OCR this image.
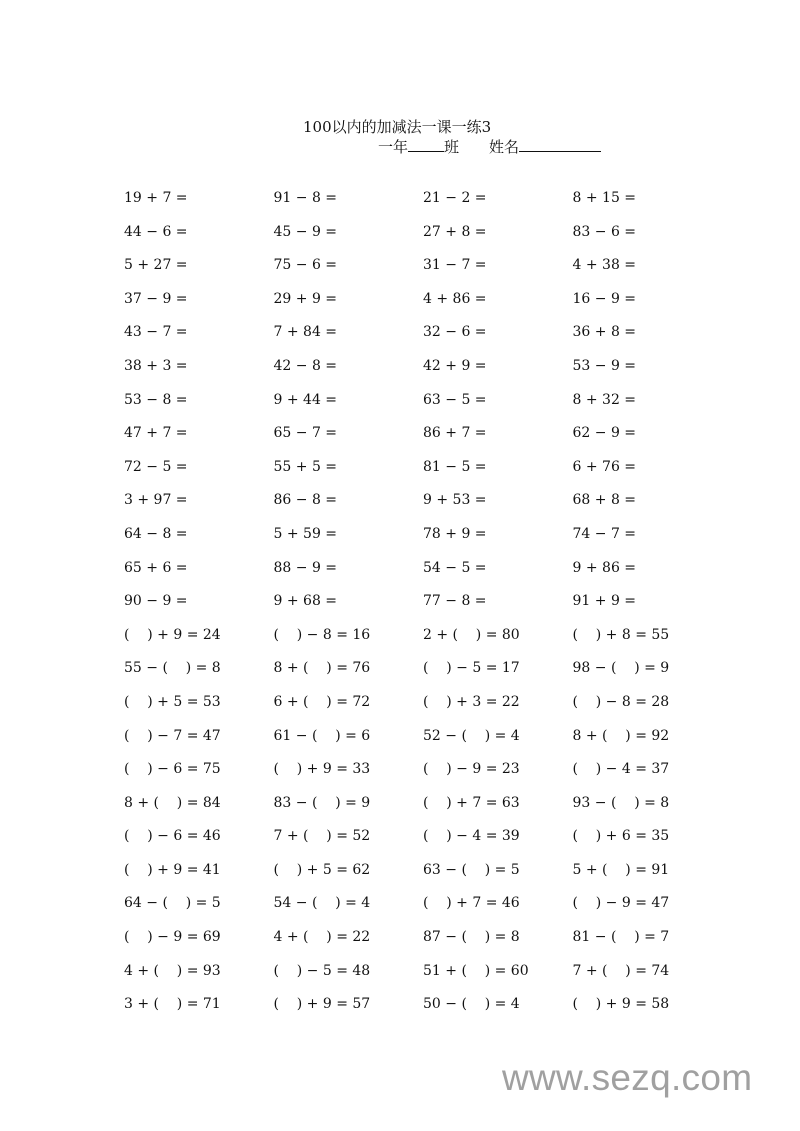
100以内的加减法一课一练3
一年 班 姓名
19 + 7 =	91 − 8 =	21 − 2 =	8 + 15 =
44 − 6 =	45 − 9 =	27 + 8 =	83 − 6 =
5 + 27 =	75 − 6 =	31 − 7 =	4 + 38 =
37 − 9 =	29 + 9 =	4 + 86 =	16 − 9 =
43 − 7 =	7 + 84 =	32 − 6 =	36 + 8 =
38 + 3 =	42 − 8 =	42 + 9 =	53 − 9 =
53 − 8 =	9 + 44 =	63 − 5 =	8 + 32 =
47 + 7 =	65 − 7 =	86 + 7 =	62 − 9 =
72 − 5 =	55 + 5 =	81 − 5 =	6 + 76 =
3 + 97 =	86 − 8 =	9 + 53 =	68 + 8 =
64 − 8 =	5 + 59 =	78 + 9 =	74 − 7 =
65 + 6 =	88 − 9 =	54 − 5 =	9 + 86 =
90 − 9 =	9 + 68 =	77 − 8 =	91 + 9 =
(    ) + 9 = 24	(    ) − 8 = 16	2 + (    ) = 80	(    ) + 8 = 55
55 − (    ) = 8	8 + (    ) = 76	(    ) − 5 = 17	98 − (    ) = 9
(    ) + 5 = 53	6 + (    ) = 72	(    ) + 3 = 22	(    ) − 8 = 28
(    ) − 7 = 47	61 − (    ) = 6	52 − (    ) = 4	8 + (    ) = 92
(    ) − 6 = 75	(    ) + 9 = 33	(    ) − 9 = 23	(    ) − 4 = 37
8 + (    ) = 84	83 − (    ) = 9	(    ) + 7 = 63	93 − (    ) = 8
(    ) − 6 = 46	7 + (    ) = 52	(    ) − 4 = 39	(    ) + 6 = 35
(    ) + 9 = 41	(    ) + 5 = 62	63 − (    ) = 5	5 + (    ) = 91
64 − (    ) = 5	54 − (    ) = 4	(    ) + 7 = 46	(    ) − 9 = 47
(    ) − 9 = 69	4 + (    ) = 22	87 − (    ) = 8	81 − (    ) = 7
4 + (    ) = 93	(    ) − 5 = 48	51 + (    ) = 60	7 + (    ) = 74
3 + (    ) = 71	(    ) + 9 = 57	50 − (    ) = 4	(    ) + 9 = 58
www.sezq.com
